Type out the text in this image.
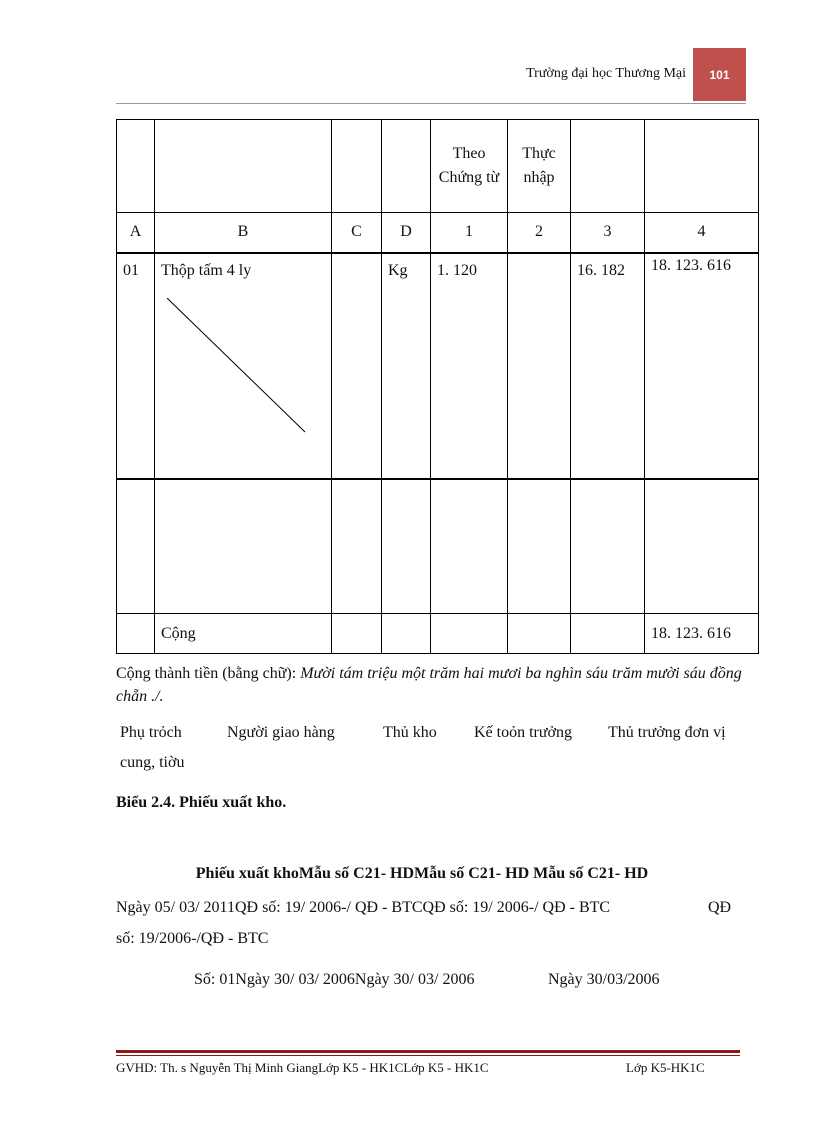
Trường đại học Thương Mại	101
				Theo Chứng từ	Thực nhập		
A	B	C	D	1	2	3	4
01	Thộp tấm 4 ly		Kg	1. 120		16. 182	18. 123. 616

	Cộng						18. 123. 616
Cộng thành tiền (bằng chữ): Mười tám triệu một trăm hai mươi ba nghìn sáu trăm mười sáu đồng chẵn ./.
Phụ trỏch	Người giao hàng	Thủ kho Kế toỏn trưởng Thủ trưởng đơn vị
cung, tiờu
Biểu 2.4. Phiếu xuất kho.
Phiếu xuất khoMẫu số C21- HDMẫu số C21- HD Mẫu số C21- HD
Ngày 05/ 03/ 2011QĐ số: 19/ 2006-/ QĐ - BTCQĐ số: 19/ 2006-/ QĐ - BTC	QĐ
số: 19/2006-/QĐ - BTC
Số: 01Ngày 30/ 03/ 2006Ngày 30/ 03/ 2006	Ngày 30/03/2006
GVHD: Th. s Nguyễn Thị Minh GiangLớp K5 - HK1CLớp K5 - HK1C	Lớp K5-HK1C
